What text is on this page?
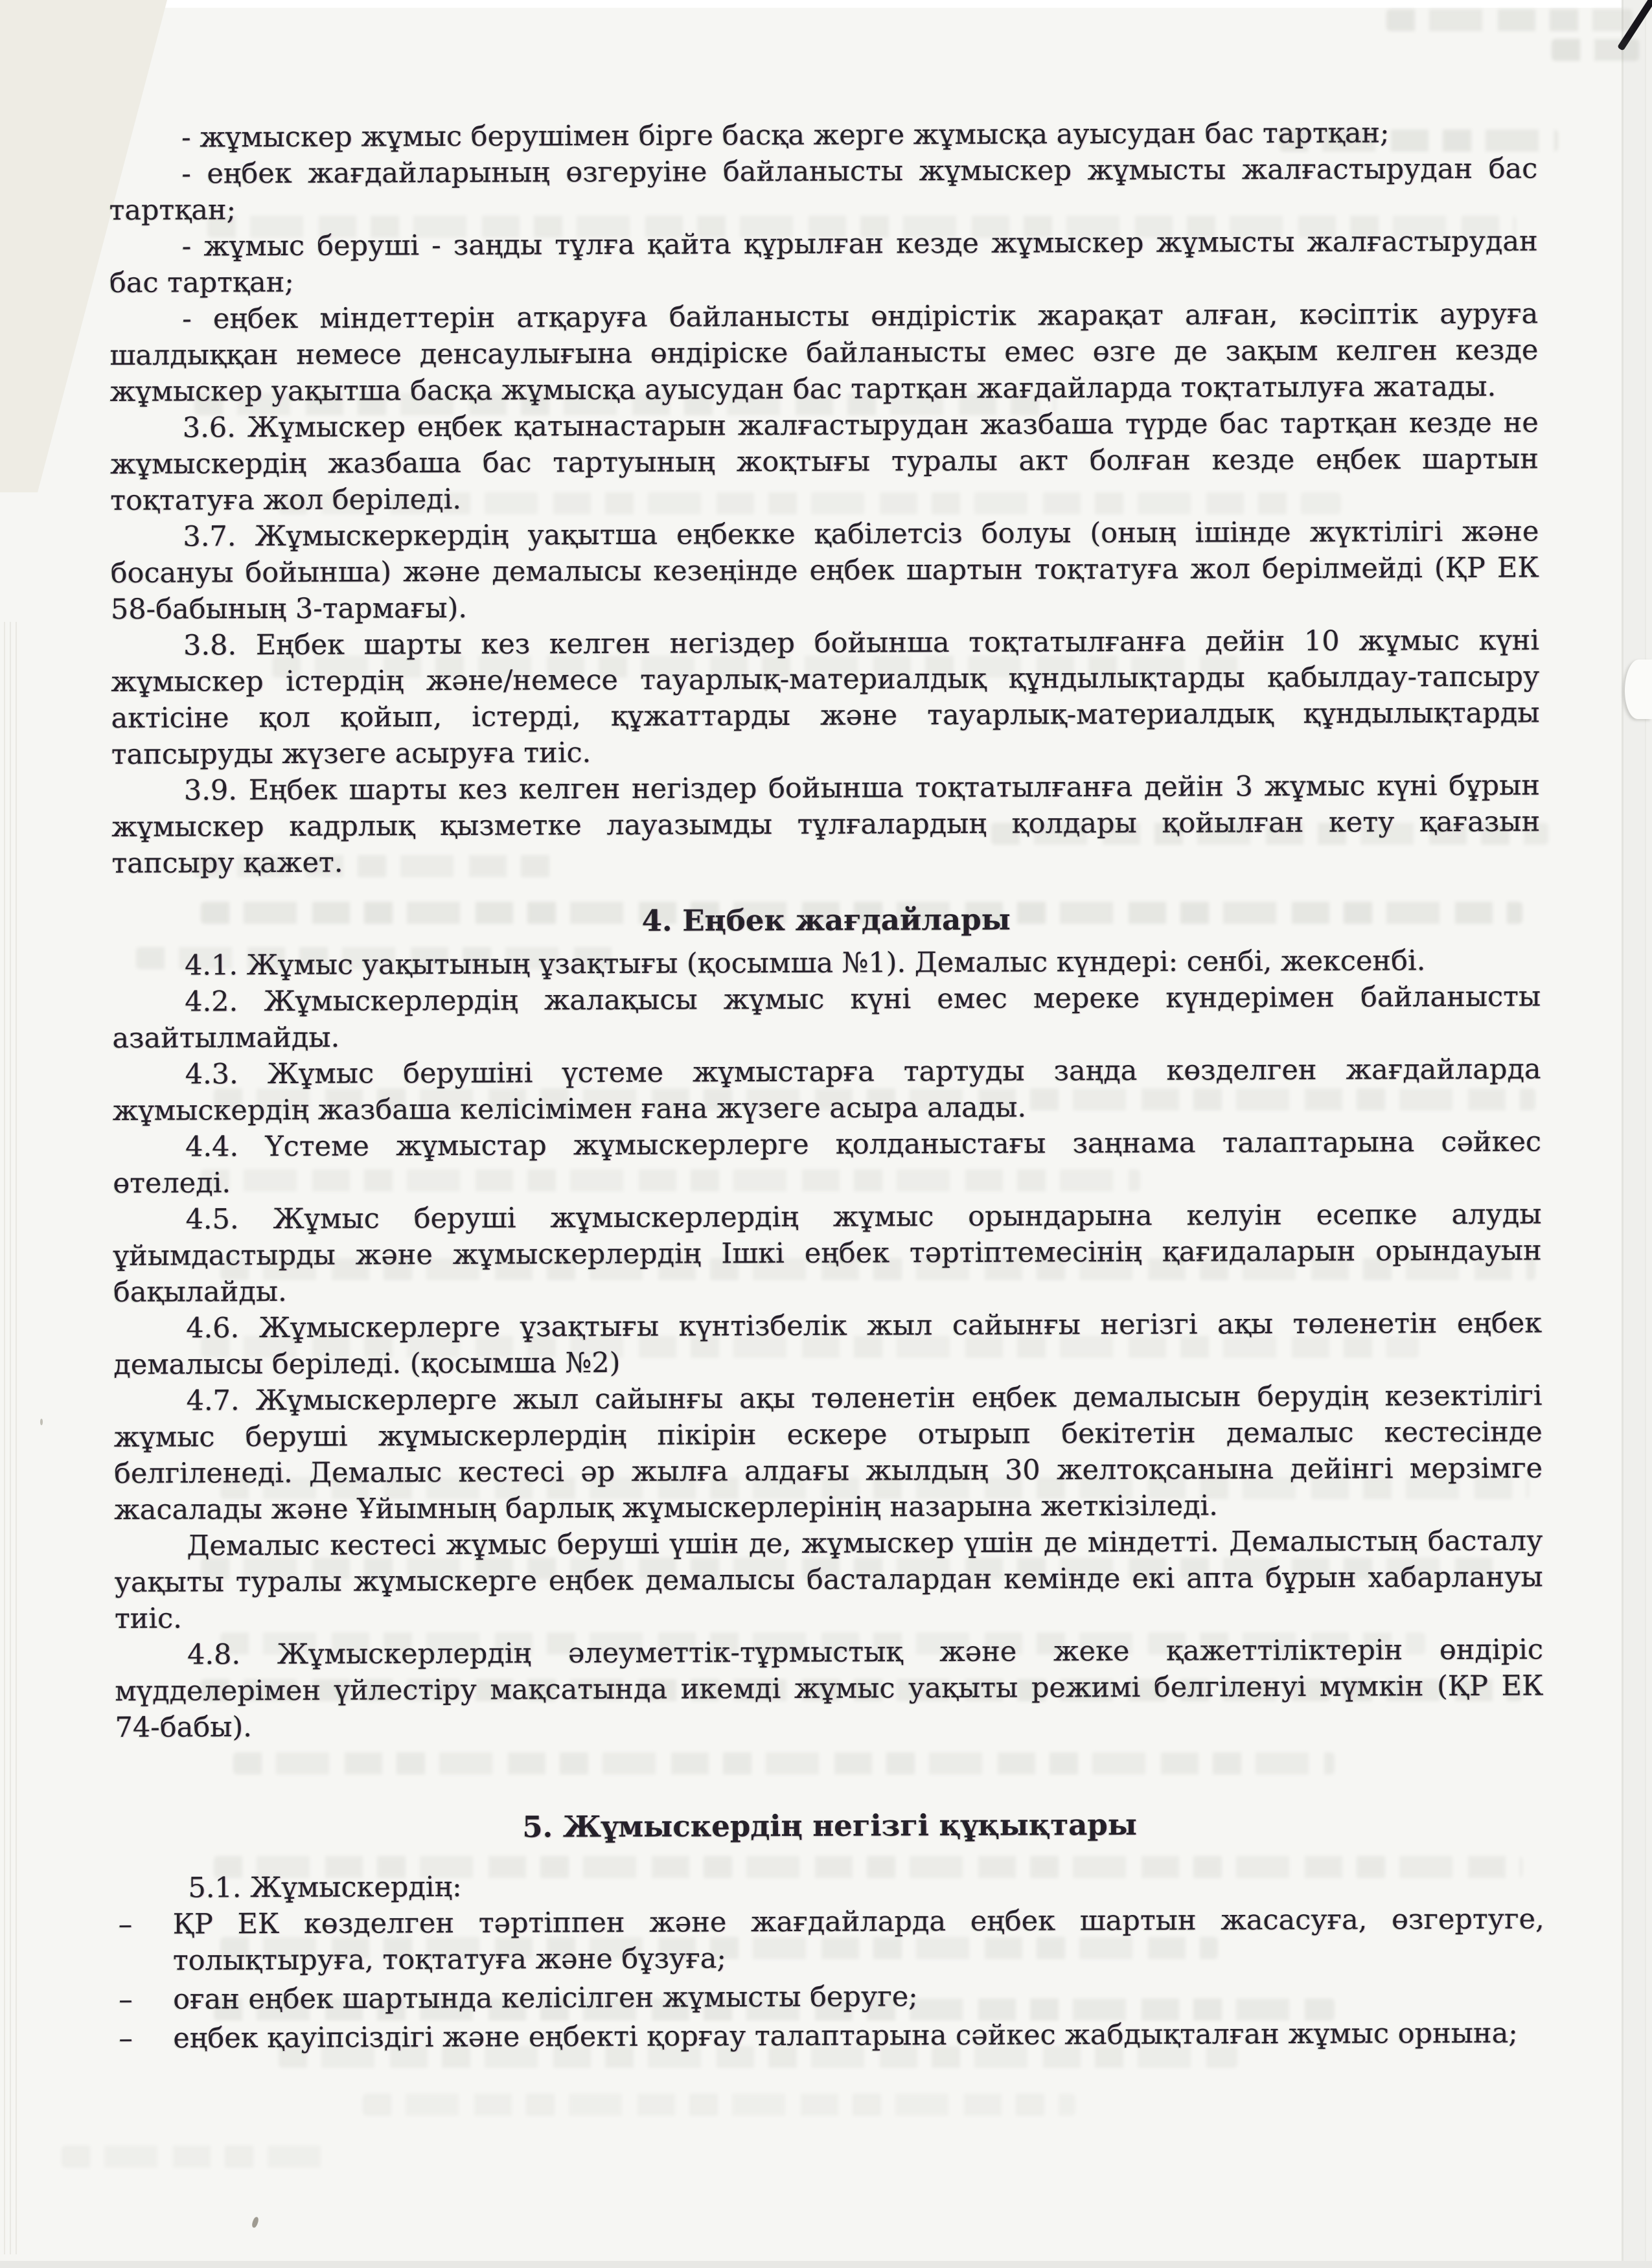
- жұмыскер жұмыс берушімен бірге басқа жерге жұмысқа ауысудан бас тартқан;

- еңбек жағдайларының өзгеруіне байланысты жұмыскер жұмысты жалғастырудан бас тартқан;

- жұмыс беруші - заңды тұлға қайта құрылған кезде жұмыскер жұмысты жалғастырудан бас тартқан;

- еңбек міндеттерін атқаруға байланысты өндірістік жарақат алған, кәсіптік ауруға шалдыққан немесе денсаулығына өндіріске байланысты емес өзге де зақым келген кезде жұмыскер уақытша басқа жұмысқа ауысудан бас тартқан жағдайларда тоқтатылуға жатады.

3.6. Жұмыскер еңбек қатынастарын жалғастырудан жазбаша түрде бас тартқан кезде не жұмыскердің жазбаша бас тартуының жоқтығы туралы акт болған кезде еңбек шартын тоқтатуға жол беріледі.

3.7. Жұмыскеркердің уақытша еңбекке қабілетсіз болуы (оның ішінде жүктілігі және босануы бойынша) және демалысы кезеңінде еңбек шартын тоқтатуға жол берілмейді (ҚР ЕК 58-бабының 3-тармағы).

3.8. Еңбек шарты кез келген негіздер бойынша тоқтатылғанға дейін 10 жұмыс күні жұмыскер істердің және/немесе тауарлық-материалдық құндылықтарды қабылдау-тапсыру актісіне қол қойып, істерді, құжаттарды және тауарлық-материалдық құндылықтарды тапсыруды жүзеге асыруға тиіс.

3.9. Еңбек шарты кез келген негіздер бойынша тоқтатылғанға дейін 3 жұмыс күні бұрын жұмыскер кадрлық қызметке лауазымды тұлғалардың қолдары қойылған кету қағазын тапсыру қажет.

4. Еңбек жағдайлары

4.1. Жұмыс уақытының ұзақтығы (қосымша №1). Демалыс күндері: сенбі, жексенбі.

4.2. Жұмыскерлердің жалақысы жұмыс күні емес мереке күндерімен байланысты азайтылмайды.

4.3. Жұмыс берушіні үстеме жұмыстарға тартуды заңда көзделген жағдайларда жұмыскердің жазбаша келісімімен ғана жүзеге асыра алады.

4.4. Үстеме жұмыстар жұмыскерлерге қолданыстағы заңнама талаптарына сәйкес өтеледі.

4.5. Жұмыс беруші жұмыскерлердің жұмыс орындарына келуін есепке алуды ұйымдастырды және жұмыскерлердің Ішкі еңбек тәртіптемесінің қағидаларын орындауын бақылайды.

4.6. Жұмыскерлерге ұзақтығы күнтізбелік жыл сайынғы негізгі ақы төленетін еңбек демалысы беріледі. (қосымша №2)

4.7. Жұмыскерлерге жыл сайынғы ақы төленетін еңбек демалысын берудің кезектілігі жұмыс беруші жұмыскерлердің пікірін ескере отырып бекітетін демалыс кестесінде белгіленеді. Демалыс кестесі әр жылға алдағы жылдың 30 желтоқсанына дейінгі мерзімге жасалады және Ұйымның барлық жұмыскерлерінің назарына жеткізіледі.

Демалыс кестесі жұмыс беруші үшін де, жұмыскер үшін де міндетті. Демалыстың басталу уақыты туралы жұмыскерге еңбек демалысы басталардан кемінде екі апта бұрын хабарлануы тиіс.

4.8. Жұмыскерлердің әлеуметтік-тұрмыстық және жеке қажеттіліктерін өндіріс мүдделерімен үйлестіру мақсатында икемді жұмыс уақыты режимі белгіленуі мүмкін (ҚР ЕК 74-бабы).

5. Жұмыскердің негізгі құқықтары

5.1. Жұмыскердің:

– ҚР ЕК көзделген тәртіппен және жағдайларда еңбек шартын жасасуға, өзгертуге, толықтыруға, тоқтатуға және бұзуға;
– оған еңбек шартында келісілген жұмысты беруге;
– еңбек қауіпсіздігі және еңбекті қорғау талаптарына сәйкес жабдықталған жұмыс орнына;
